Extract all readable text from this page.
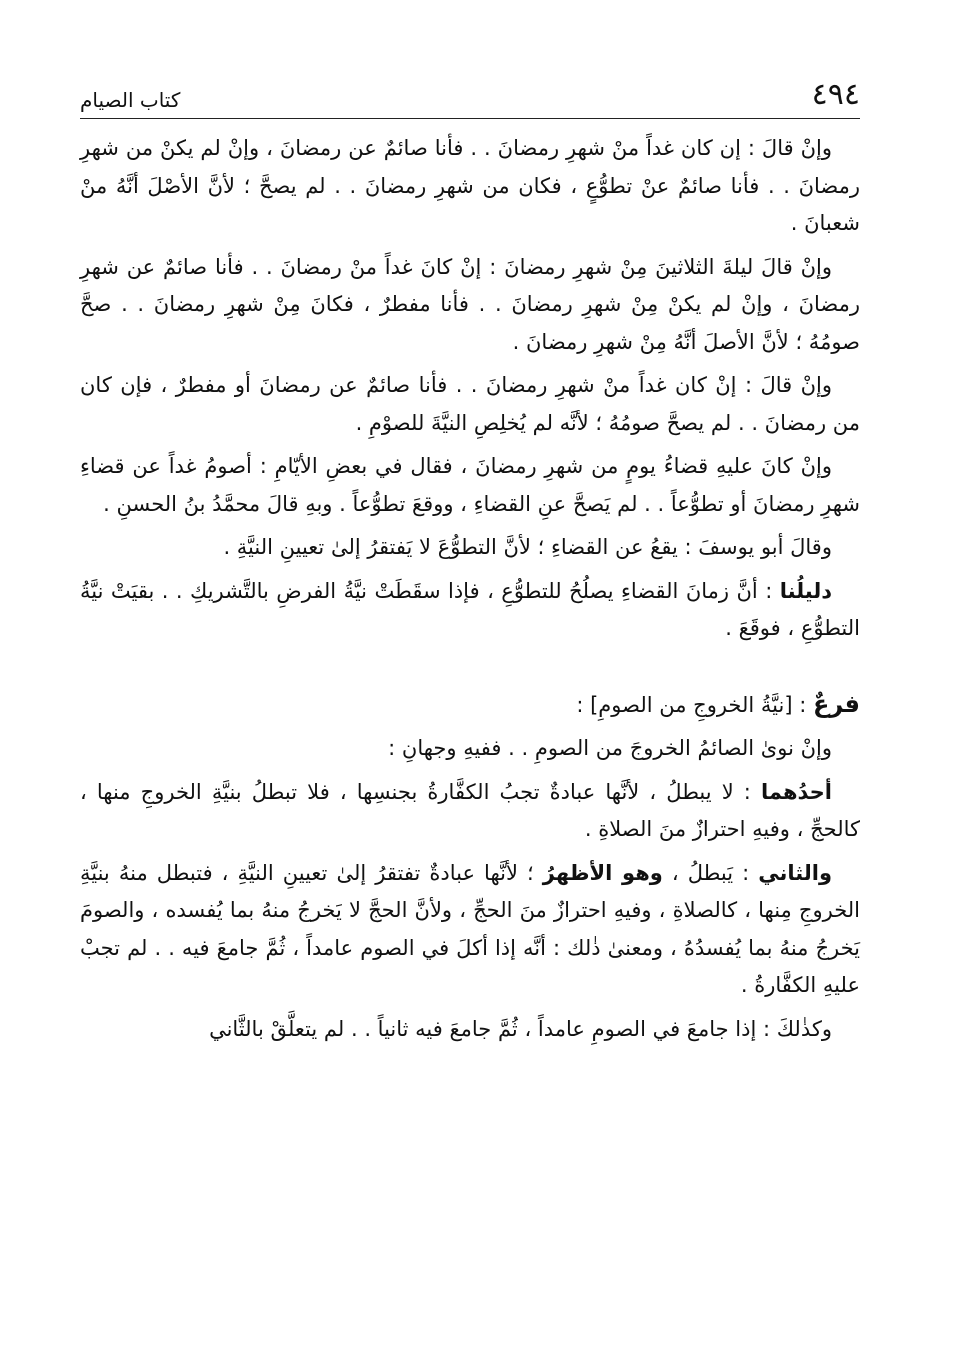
٤٩٤
كتاب الصيام

وإنْ قالَ : إن كان غداً منْ شهرِ رمضانَ . . فأنا صائمٌ عن رمضانَ ، وإنْ لم يكنْ من شهرِ رمضانَ . . فأنا صائمٌ عنْ تطوُّعٍ ، فكان من شهرِ رمضانَ . . لم يصحَّ ؛ لأنَّ الأصْلَ أنَّهُ منْ شعبانَ .

وإنْ قالَ ليلةَ الثلاثينَ مِنْ شهرِ رمضانَ : إنْ كانَ غداً منْ رمضانَ . . فأنا صائمٌ عن شهرِ رمضانَ ، وإنْ لم يكنْ مِنْ شهرِ رمضانَ . . فأنا مفطرٌ ، فكانَ مِنْ شهرِ رمضانَ . . صحَّ صومُهُ ؛ لأنَّ الأصلَ أنَّهُ مِنْ شهرِ رمضانَ .

وإنْ قالَ : إنْ كان غداً منْ شهرِ رمضانَ . . فأنا صائمٌ عن رمضانَ أو مفطرٌ ، فإن كان من رمضانَ . . لم يصحَّ صومُهُ ؛ لأنَّه لم يُخلِصِ النيَّةَ للصوْمِ .

وإنْ كانَ عليهِ قضاءُ يومٍ من شهرِ رمضانَ ، فقال في بعضِ الأيّامِ : أصومُ غداً عن قضاءِ شهرِ رمضانَ أو تطوُّعاً . . لم يَصحَّ عنِ القضاءِ ، ووقعَ تطوُّعاً . وبهِ قالَ محمَّدُ بنُ الحسنِ .

وقالَ أبو يوسفَ : يقعُ عن القضاءِ ؛ لأنَّ التطوُّعَ لا يَفتقرُ إلىٰ تعيينِ النيَّةِ .

دليلُنا : أنَّ زمانَ القضاءِ يصلُحُ للتطوُّعِ ، فإذا سقَطَتْ نيَّةُ الفرضِ بالتَّشريكِ . . بقيَتْ نيَّةُ التطوُّعِ ، فوقَعَ .

فرعٌ : [نيَّةُ الخروجِ من الصومِ] :

وإنْ نوىٰ الصائمُ الخروجَ من الصومِ . . ففيهِ وجهانِ :

أحدُهما : لا يبطلُ ، لأنَّها عبادةٌ تجبُ الكفَّارةُ بجنسِها ، فلا تبطلُ بنيَّةِ الخروجِ منها ، كالحجِّ ، وفيهِ احترازٌ منَ الصلاةِ .

والثاني : يَبطلُ ، وهو الأظهرُ ؛ لأنَّها عبادةٌ تفتقرُ إلىٰ تعيينِ النيَّةِ ، فتبطل منهُ بنيَّةِ الخروجِ مِنها ، كالصلاةِ ، وفيهِ احترازٌ منَ الحجِّ ، ولأنَّ الحجَّ لا يَخرجُ منهُ بما يُفسده ، والصومَ يَخرجُ منهُ بما يُفسدُهُ ، ومعنىٰ ذٰلك : أنَّه إذا أكلَ في الصوم عامداً ، ثُمَّ جامعَ فيه . . لم تجبْ عليهِ الكفَّارةُ .

وكذٰلكَ : إذا جامعَ في الصومِ عامداً ، ثُمَّ جامعَ فيه ثانياً . . لم يتعلَّقْ بالثَّاني
